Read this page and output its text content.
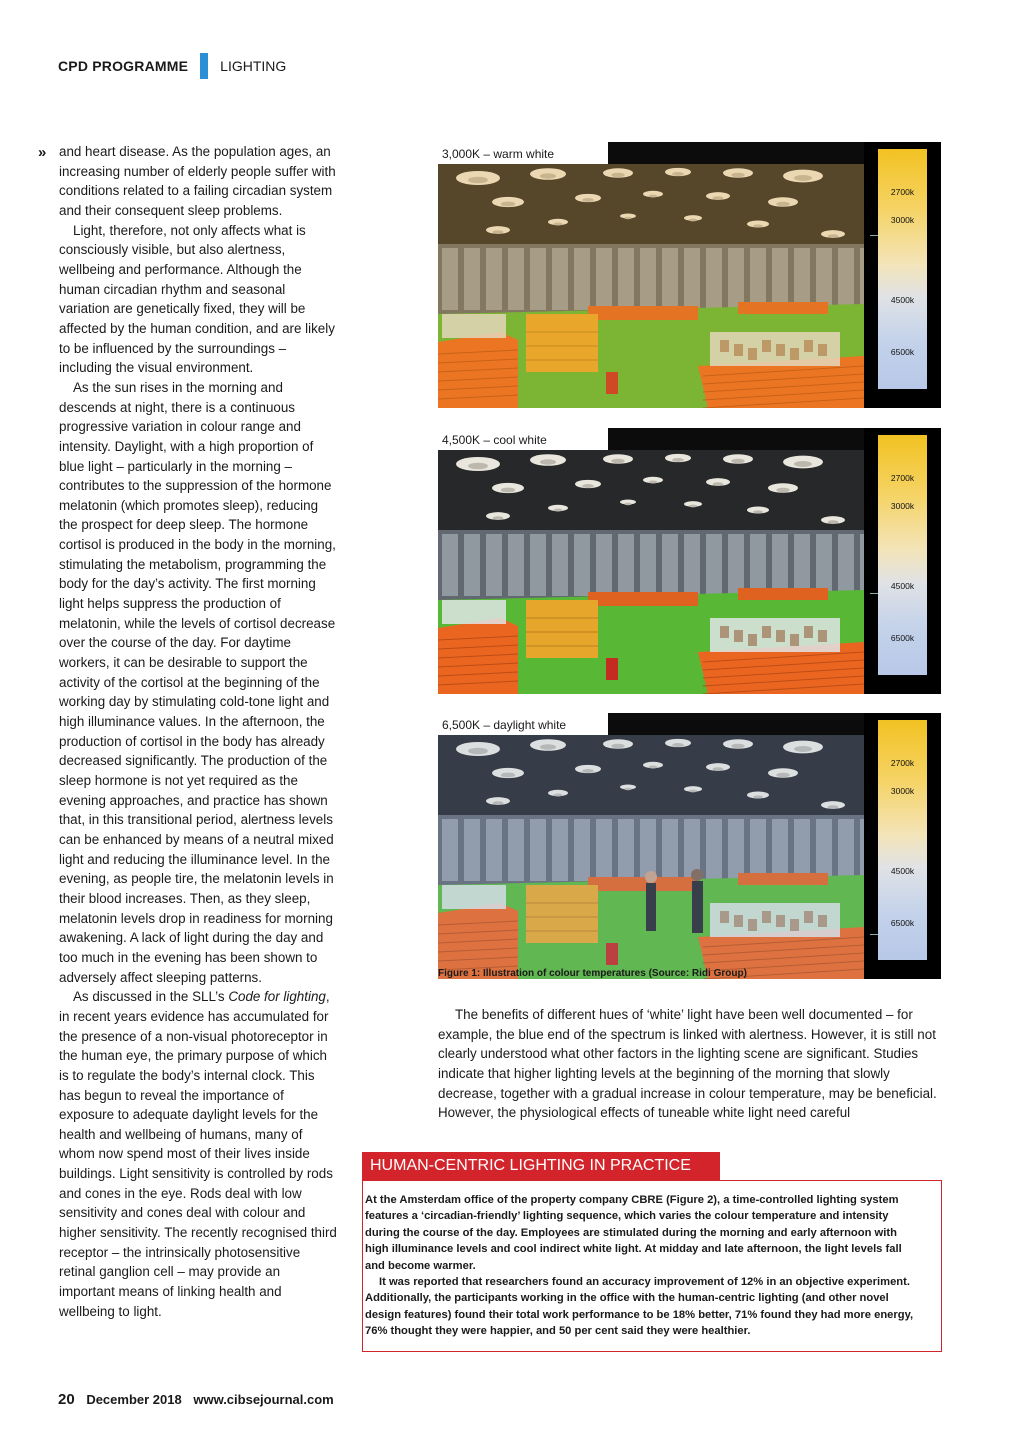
CPD PROGRAMME LIGHTING
»	and heart disease. As the population ages, an increasing number of elderly people suffer with conditions related to a failing circadian system and their consequent sleep problems.

Light, therefore, not only affects what is consciously visible, but also alertness, wellbeing and performance. Although the human circadian rhythm and seasonal variation are genetically fixed, they will be affected by the human condition, and are likely to be influenced by the surroundings – including the visual environment.

As the sun rises in the morning and descends at night, there is a continuous progressive variation in colour range and intensity. Daylight, with a high proportion of blue light – particularly in the morning – contributes to the suppression of the hormone melatonin (which promotes sleep), reducing the prospect for deep sleep. The hormone cortisol is produced in the body in the morning, stimulating the metabolism, programming the body for the day’s activity. The first morning light helps suppress the production of melatonin, while the levels of cortisol decrease over the course of the day. For daytime workers, it can be desirable to support the activity of the cortisol at the beginning of the working day by stimulating cold-tone light and high illuminance values. In the afternoon, the production of cortisol in the body has already decreased significantly. The production of the sleep hormone is not yet required as the evening approaches, and practice has shown that, in this transitional period, alertness levels can be enhanced by means of a neutral mixed light and reducing the illuminance level. In the evening, as people tire, the melatonin levels in their blood increases. Then, as they sleep, melatonin levels drop in readiness for morning awakening. A lack of light during the day and too much in the evening has been shown to adversely affect sleeping patterns.

As discussed in the SLL’s Code for lighting, in recent years evidence has accumulated for the presence of a non-visual photoreceptor in the human eye, the primary purpose of which is to regulate the body’s internal clock. This has begun to reveal the importance of exposure to adequate daylight levels for the health and wellbeing of humans, many of whom now spend most of their lives inside buildings. Light sensitivity is controlled by rods and cones in the eye. Rods deal with low sensitivity and cones deal with colour and higher sensitivity. The recently recognised third receptor – the intrinsically photosensitive retinal ganglion cell – may provide an important means of linking health and wellbeing to light.

3,000K – warm white
2700k
3000k
4500k
6500k
4,500K – cool white
2700k
3000k
4500k
6500k
6,500K – daylight white
2700k
3000k
4500k
6500k
Figure 1: Illustration of colour temperatures (Source: Ridi Group)
The benefits of different hues of ‘white’ light have been well documented – for example, the blue end of the spectrum is linked with alertness. However, it is still not clearly understood what other factors in the lighting scene are significant. Studies indicate that higher lighting levels at the beginning of the morning that slowly decrease, together with a gradual increase in colour temperature, may be beneficial. However, the physiological effects of tuneable white light need careful
HUMAN-CENTRIC LIGHTING IN PRACTICE

At the Amsterdam office of the property company CBRE (Figure 2), a time-controlled lighting system features a ‘circadian-friendly’ lighting sequence, which varies the colour temperature and intensity during the course of the day. Employees are stimulated during the morning and early afternoon with high illuminance levels and cool indirect white light. At midday and late afternoon, the light levels fall and become warmer.

It was reported that researchers found an accuracy improvement of 12% in an objective experiment. Additionally, the participants working in the office with the human-centric lighting (and other novel design features) found their total work performance to be 18% better, 71% found they had more energy, 76% thought they were happier, and 50 per cent said they were healthier.

20 December 2018 www.cibsejournal.com
